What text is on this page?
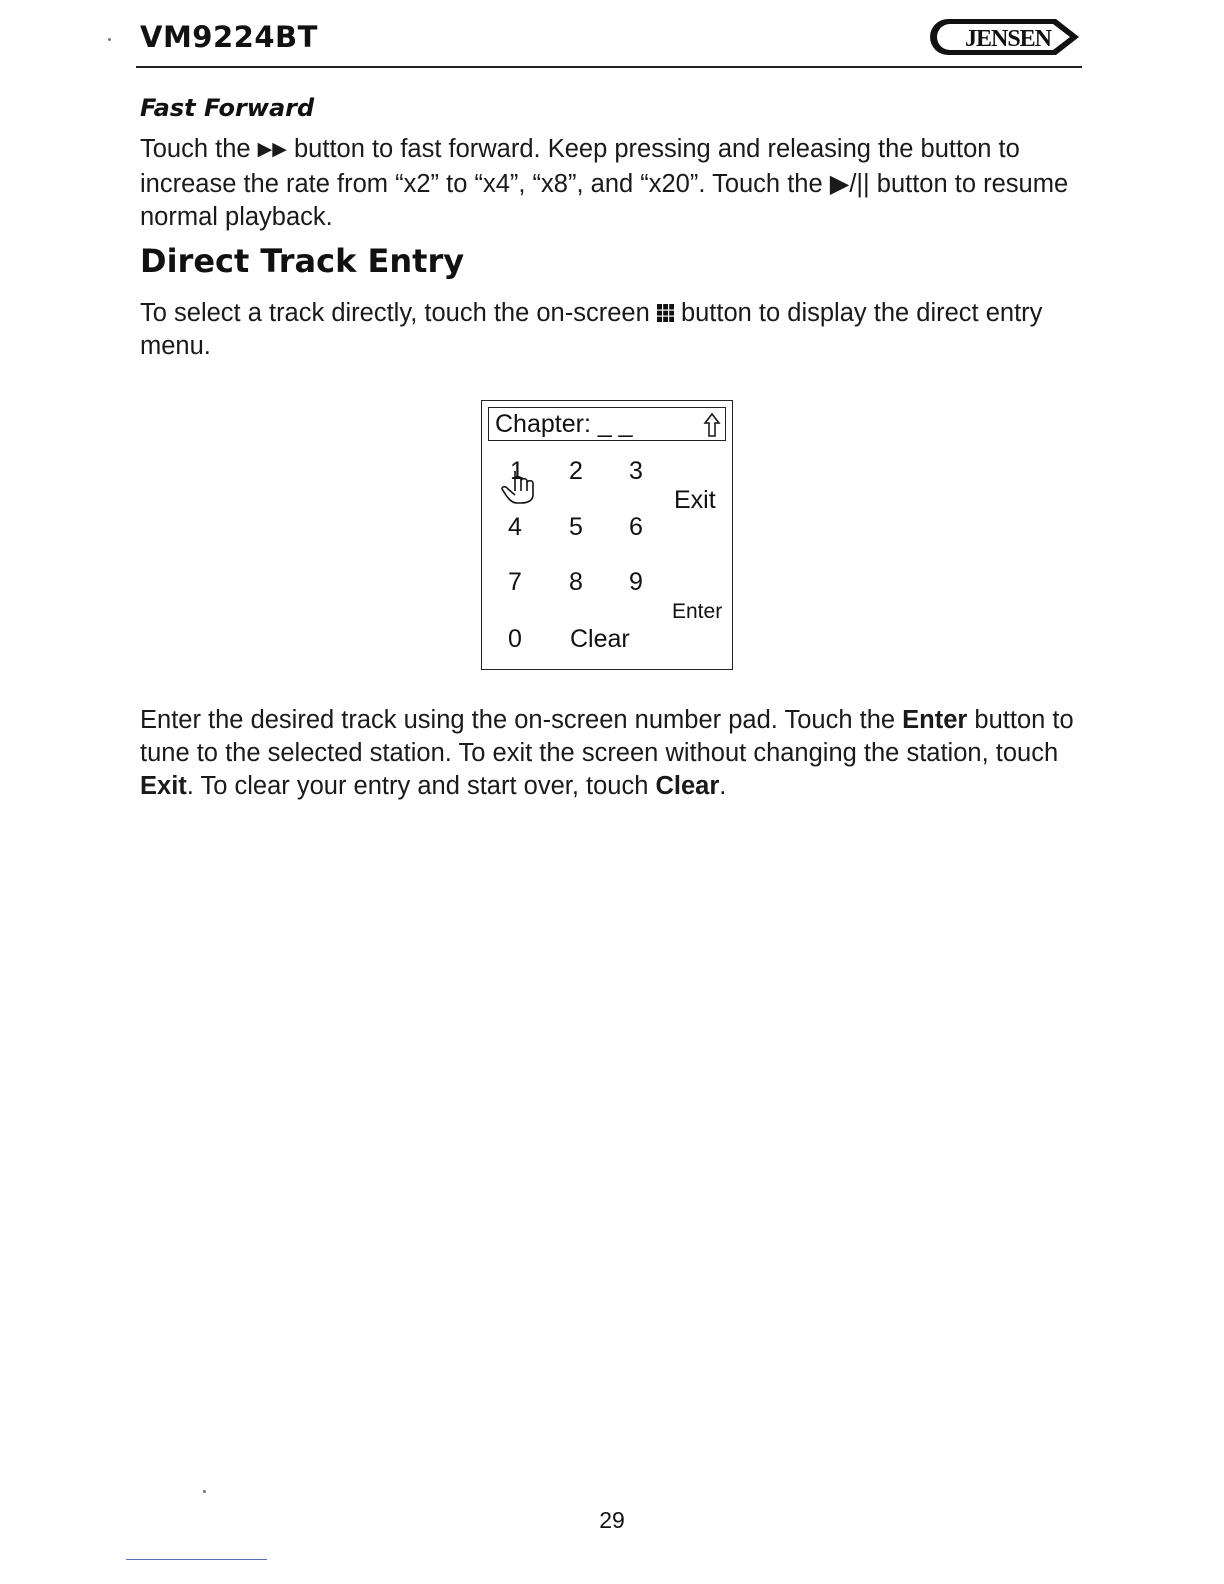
VM9224BT	JENSEN
Fast Forward
Touch the ▶▶ button to fast forward. Keep pressing and releasing the button to increase the rate from “x2” to “x4”, “x8”, and “x20”. Touch the ▶/|| button to resume normal playback.
Direct Track Entry
To select a track directly, touch the on-screen  button to display the direct entry menu.
Chapter: _ _
1 2 3
Exit
4 5 6
7 8 9
Enter
0 Clear
Enter the desired track using the on-screen number pad. Touch the Enter button to tune to the selected station. To exit the screen without changing the station, touch Exit. To clear your entry and start over, touch Clear.
29
